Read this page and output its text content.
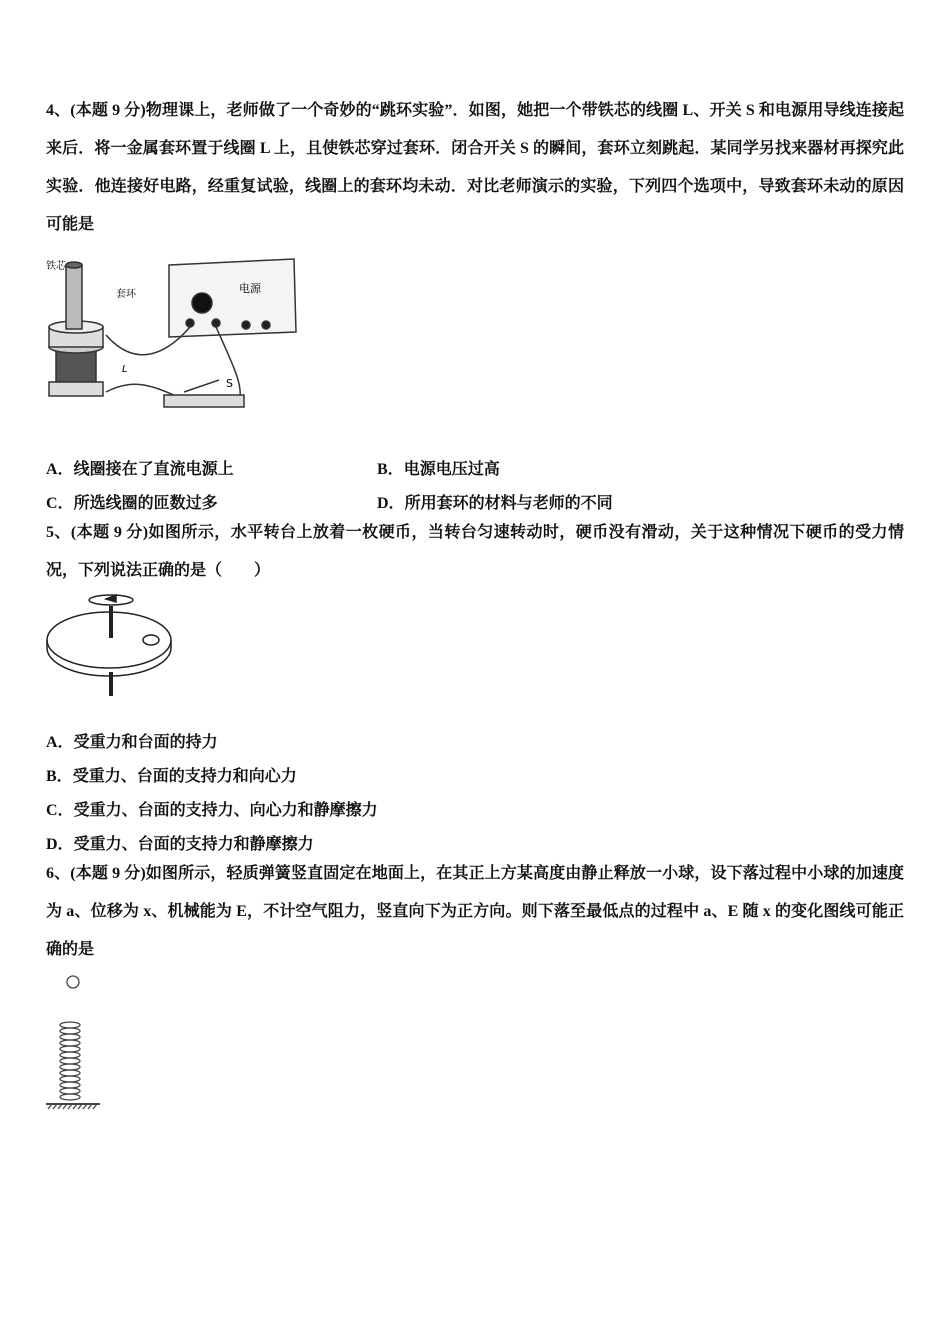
4、(本题 9 分)物理课上，老师做了一个奇妙的“跳环实验”．如图，她把一个带铁芯的线圈 L、开关 S 和电源用导线连接起来后．将一金属套环置于线圈 L 上，且使铁芯穿过套环．闭合开关 S 的瞬间，套环立刻跳起．某同学另找来器材再探究此实验．他连接好电路，经重复试验，线圈上的套环均未动．对比老师演示的实验，下列四个选项中，导致套环未动的原因可能是
铁芯
套环	电源
L
S
A．线圈接在了直流电源上	B．电源电压过高
C．所选线圈的匝数过多	D．所用套环的材料与老师的不同
5、(本题 9 分)如图所示，水平转台上放着一枚硬币，当转台匀速转动时，硬币没有滑动，关于这种情况下硬币的受力情况，下列说法正确的是（　　）
A．受重力和台面的持力
B．受重力、台面的支持力和向心力
C．受重力、台面的支持力、向心力和静摩擦力
D．受重力、台面的支持力和静摩擦力
6、(本题 9 分)如图所示，轻质弹簧竖直固定在地面上，在其正上方某高度由静止释放一小球，设下落过程中小球的加速度为 a、位移为 x、机械能为 E，不计空气阻力，竖直向下为正方向。则下落至最低点的过程中 a、E 随 x 的变化图线可能正确的是
